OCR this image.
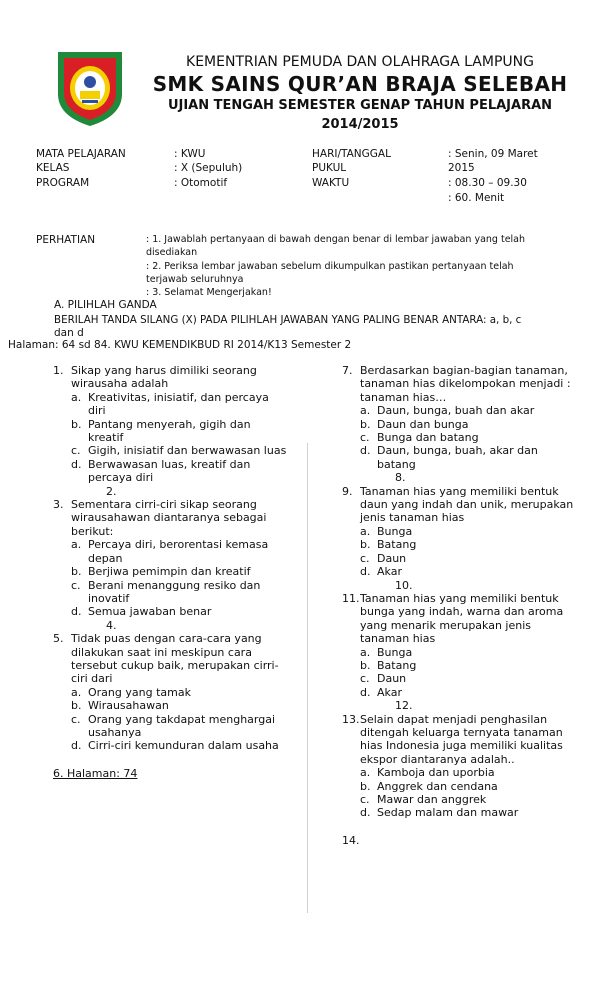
KEMENTRIAN PEMUDA DAN OLAHRAGA LAMPUNG
SMK SAINS QUR’AN BRAJA SELEBAH
UJIAN TENGAH SEMESTER GENAP TAHUN PELAJARAN
2014/2015
MATA PELAJARAN	: KWU
KELAS	: X (Sepuluh)
PROGRAM	: Otomotif
HARI/TANGGAL	: Senin, 09 Maret
PUKUL	2015
WAKTU	: 08.30 – 09.30
: 60. Menit
PERHATIAN	: 1. Jawablah pertanyaan di bawah dengan benar di lembar jawaban yang telah
disediakan
: 2. Periksa lembar jawaban sebelum dikumpulkan pastikan pertanyaan telah
terjawab seluruhnya
: 3. Selamat Mengerjakan!
A. PILIHLAH GANDA
BERILAH TANDA SILANG (X) PADA PILIHLAH JAWABAN YANG PALING BENAR ANTARA: a, b, c
dan d
Halaman: 64 sd 84. KWU KEMENDIKBUD RI 2014/K13 Semester 2
1. Sikap yang harus dimiliki seorang wirausaha adalah
a. Kreativitas, inisiatif, dan percaya diri
b. Pantang menyerah, gigih dan kreatif
c. Gigih, inisiatif dan berwawasan luas
d. Berwawasan luas, kreatif dan percaya diri
2.
3. Sementara cirri-ciri sikap seorang wirausahawan diantaranya sebagai berikut:
a. Percaya diri, berorentasi kemasa depan
b. Berjiwa pemimpin dan kreatif
c. Berani menanggung resiko dan inovatif
d. Semua jawaban benar
4.
5. Tidak puas dengan cara-cara yang dilakukan saat ini meskipun cara tersebut cukup baik, merupakan cirri-ciri dari
a. Orang yang tamak
b. Wirausahawan
c. Orang yang takdapat menghargai usahanya
d. Cirri-ciri kemunduran dalam usaha
6. Halaman: 74
7. Berdasarkan bagian-bagian tanaman, tanaman hias dikelompokan menjadi : tanaman hias…
a. Daun, bunga, buah dan akar
b. Daun dan bunga
c. Bunga dan batang
d. Daun, bunga, buah, akar dan batang
8.
9. Tanaman hias yang memiliki bentuk daun yang indah dan unik, merupakan jenis tanaman hias
a. Bunga
b. Batang
c. Daun
d. Akar
10.
11. Tanaman hias yang memiliki bentuk bunga yang indah, warna dan aroma yang menarik merupakan jenis tanaman hias
a. Bunga
b. Batang
c. Daun
d. Akar
12.
13. Selain dapat menjadi penghasilan ditengah keluarga ternyata tanaman hias Indonesia juga memiliki kualitas ekspor diantaranya adalah..
a. Kamboja dan uporbia
b. Anggrek dan cendana
c. Mawar dan anggrek
d. Sedap malam dan mawar
14.
